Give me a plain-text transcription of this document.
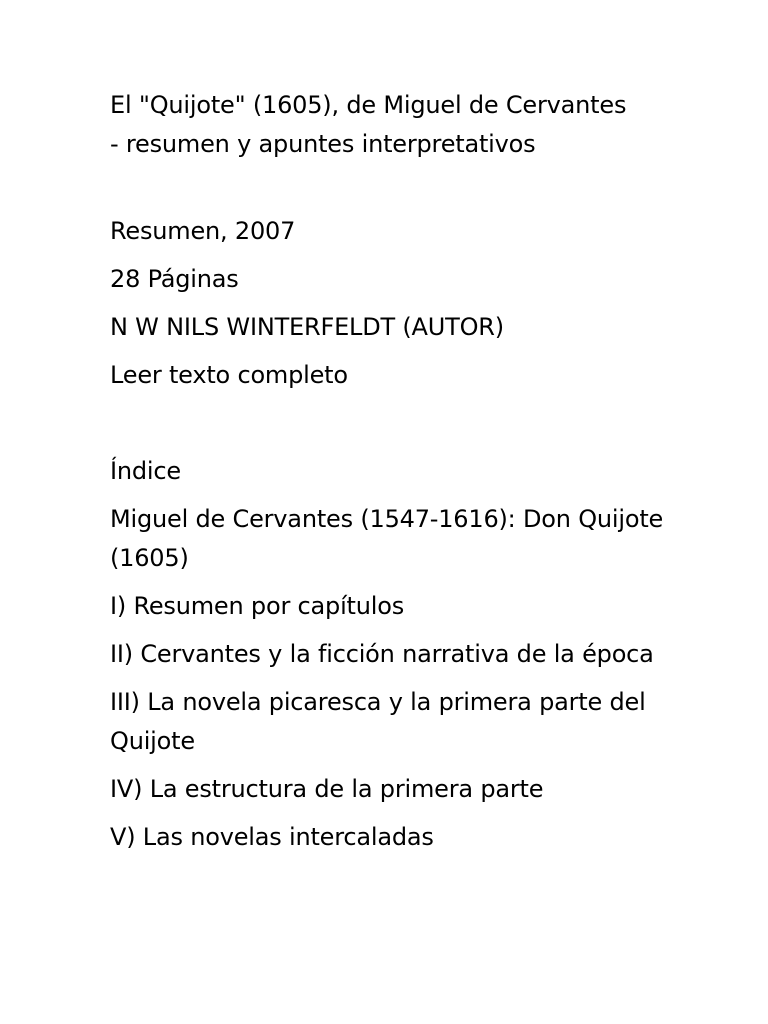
El "Quijote" (1605), de Miguel de Cervantes
- resumen y apuntes interpretativos
Resumen, 2007
28 Páginas
N W NILS WINTERFELDT (AUTOR)
Leer texto completo
Índice
Miguel de Cervantes (1547-1616): Don Quijote (1605)
I) Resumen por capítulos
II) Cervantes y la ficción narrativa de la época
III) La novela picaresca y la primera parte del Quijote
IV) La estructura de la primera parte
V) Las novelas intercaladas
